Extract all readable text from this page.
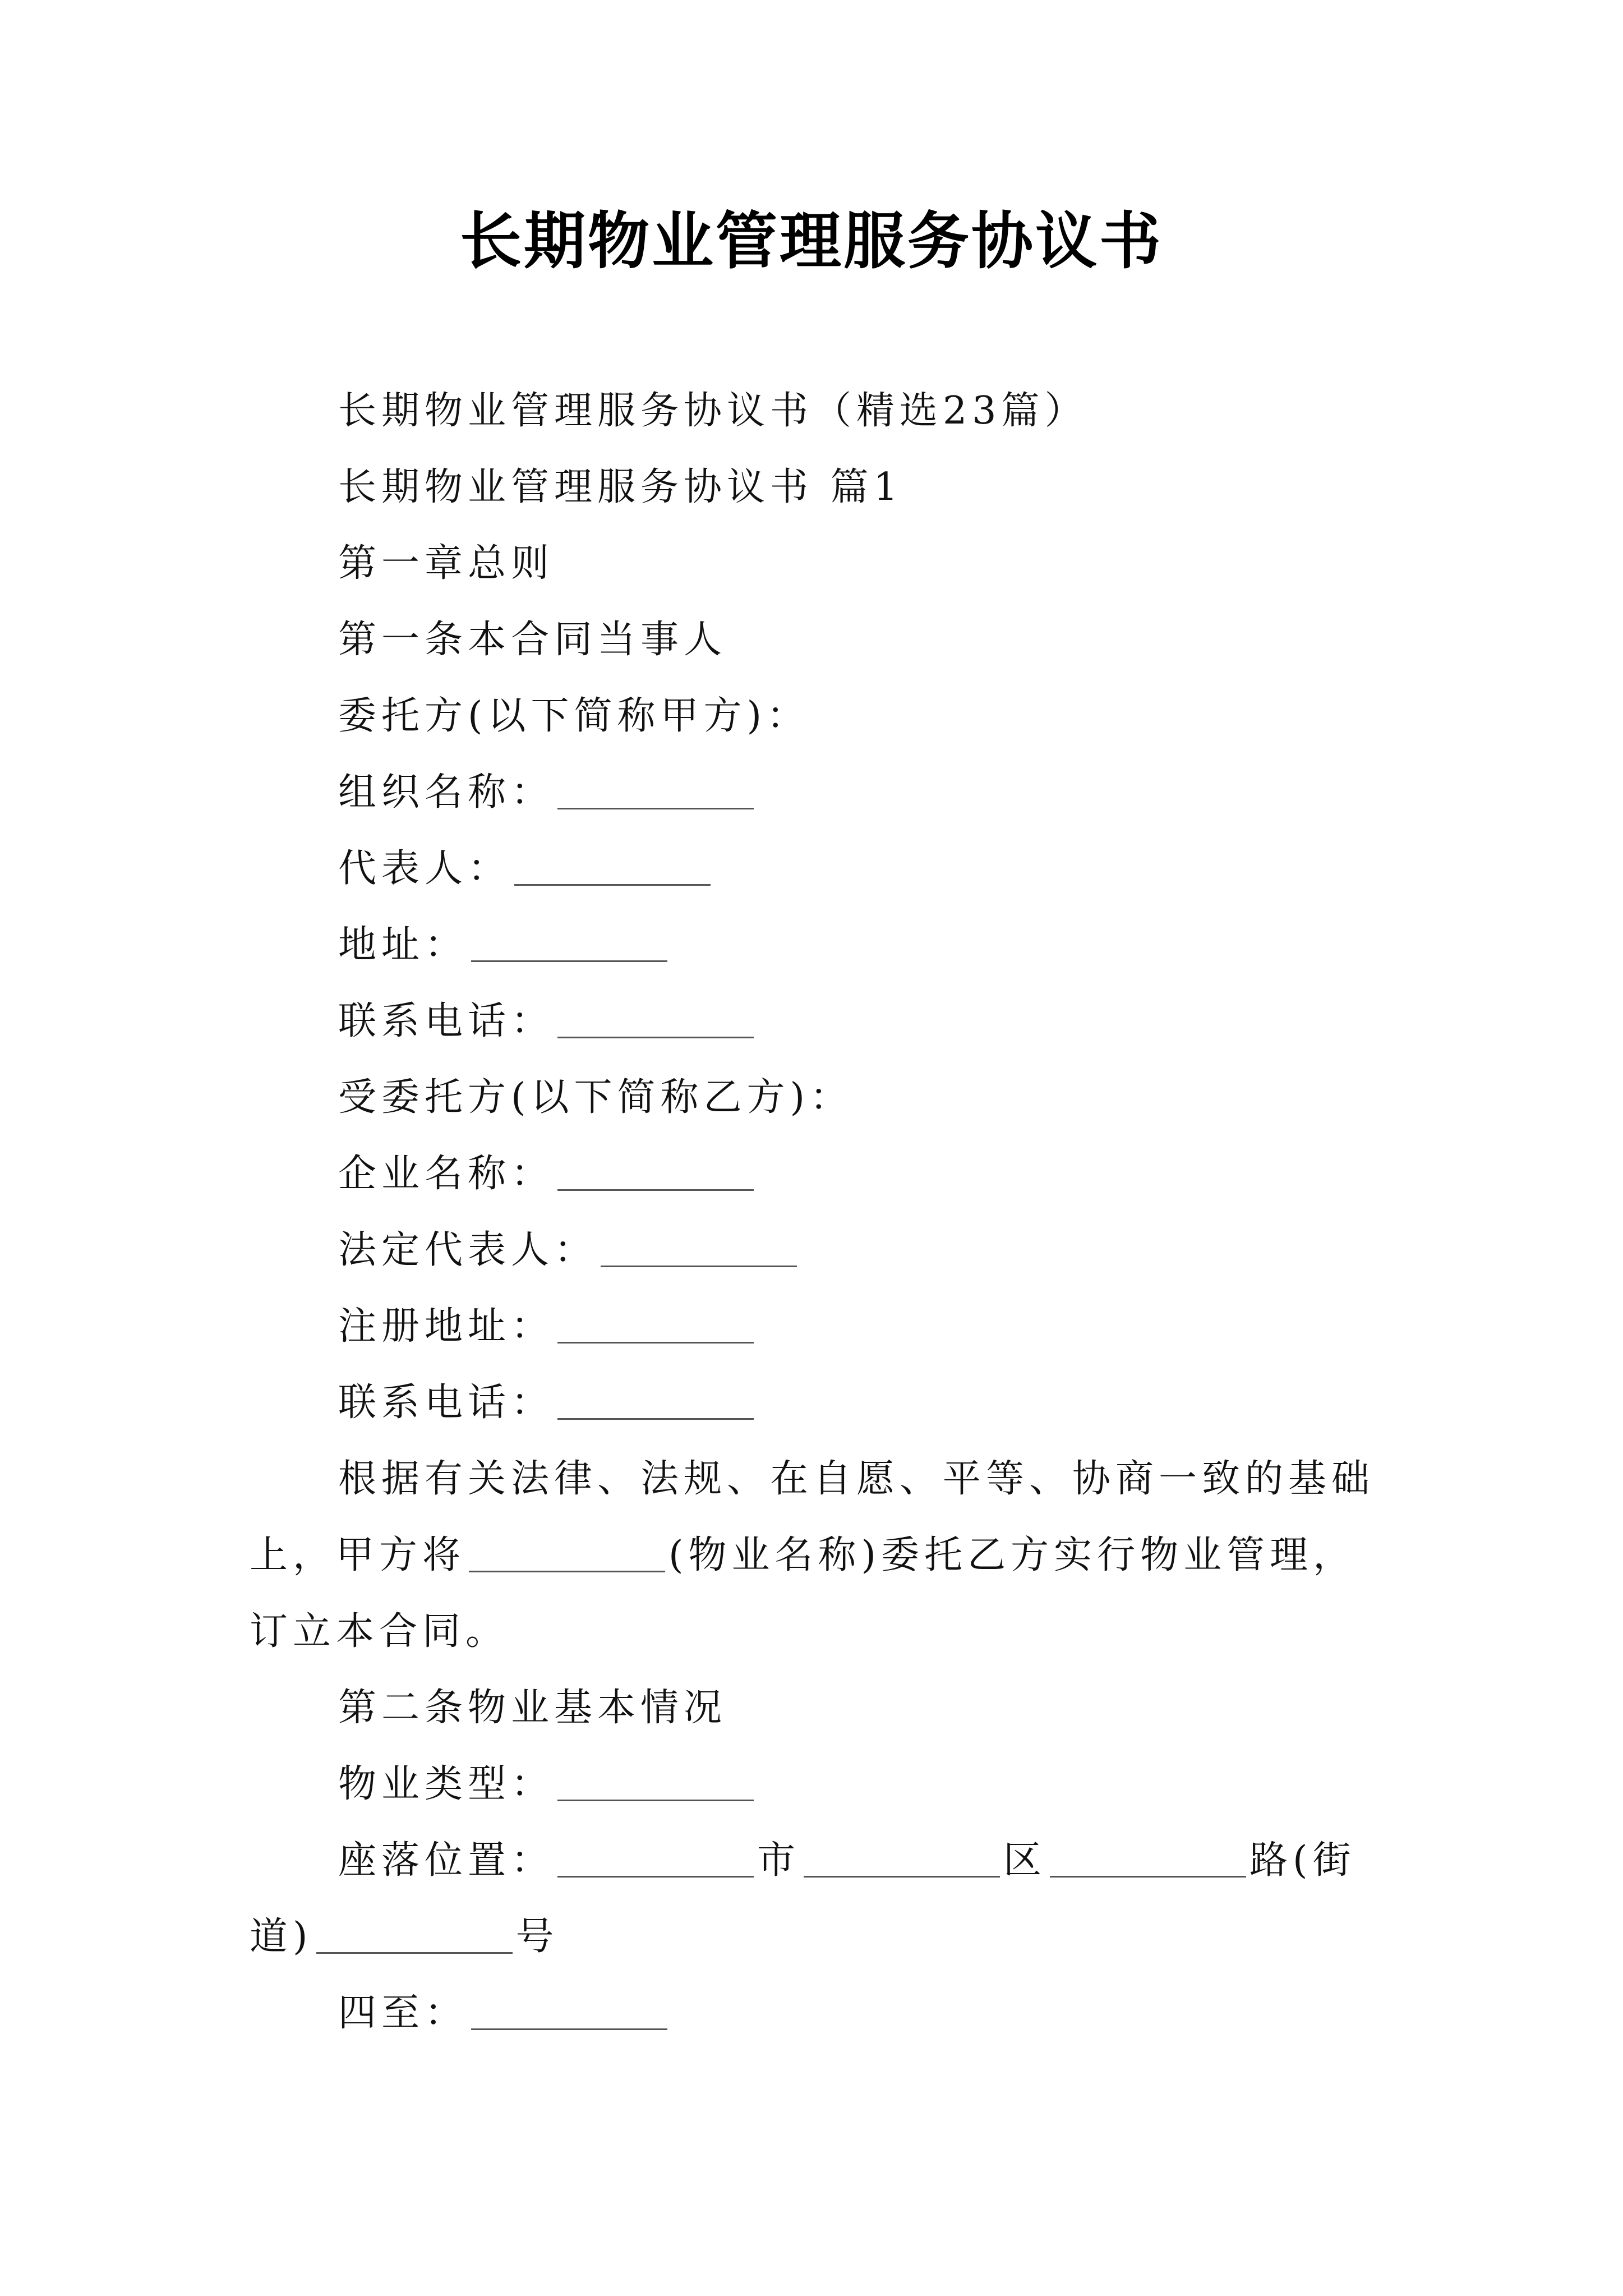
长期物业管理服务协议书

长期物业管理服务协议书（精选23篇）

长期物业管理服务协议书 篇1

第一章总则

第一条本合同当事人

委托方(以下简称甲方)：

组织名称：

代表人：

地址：

联系电话：

受委托方(以下简称乙方)：

企业名称：

法定代表人：

注册地址：

联系电话：

根据有关法律、法规、在自愿、平等、协商一致的基础上，甲方将	(物业名称)委托乙方实行物业管理，订立本合同。

第二条物业基本情况

物业类型：

座落位置：	市	区	路(街道)	号

四至：
